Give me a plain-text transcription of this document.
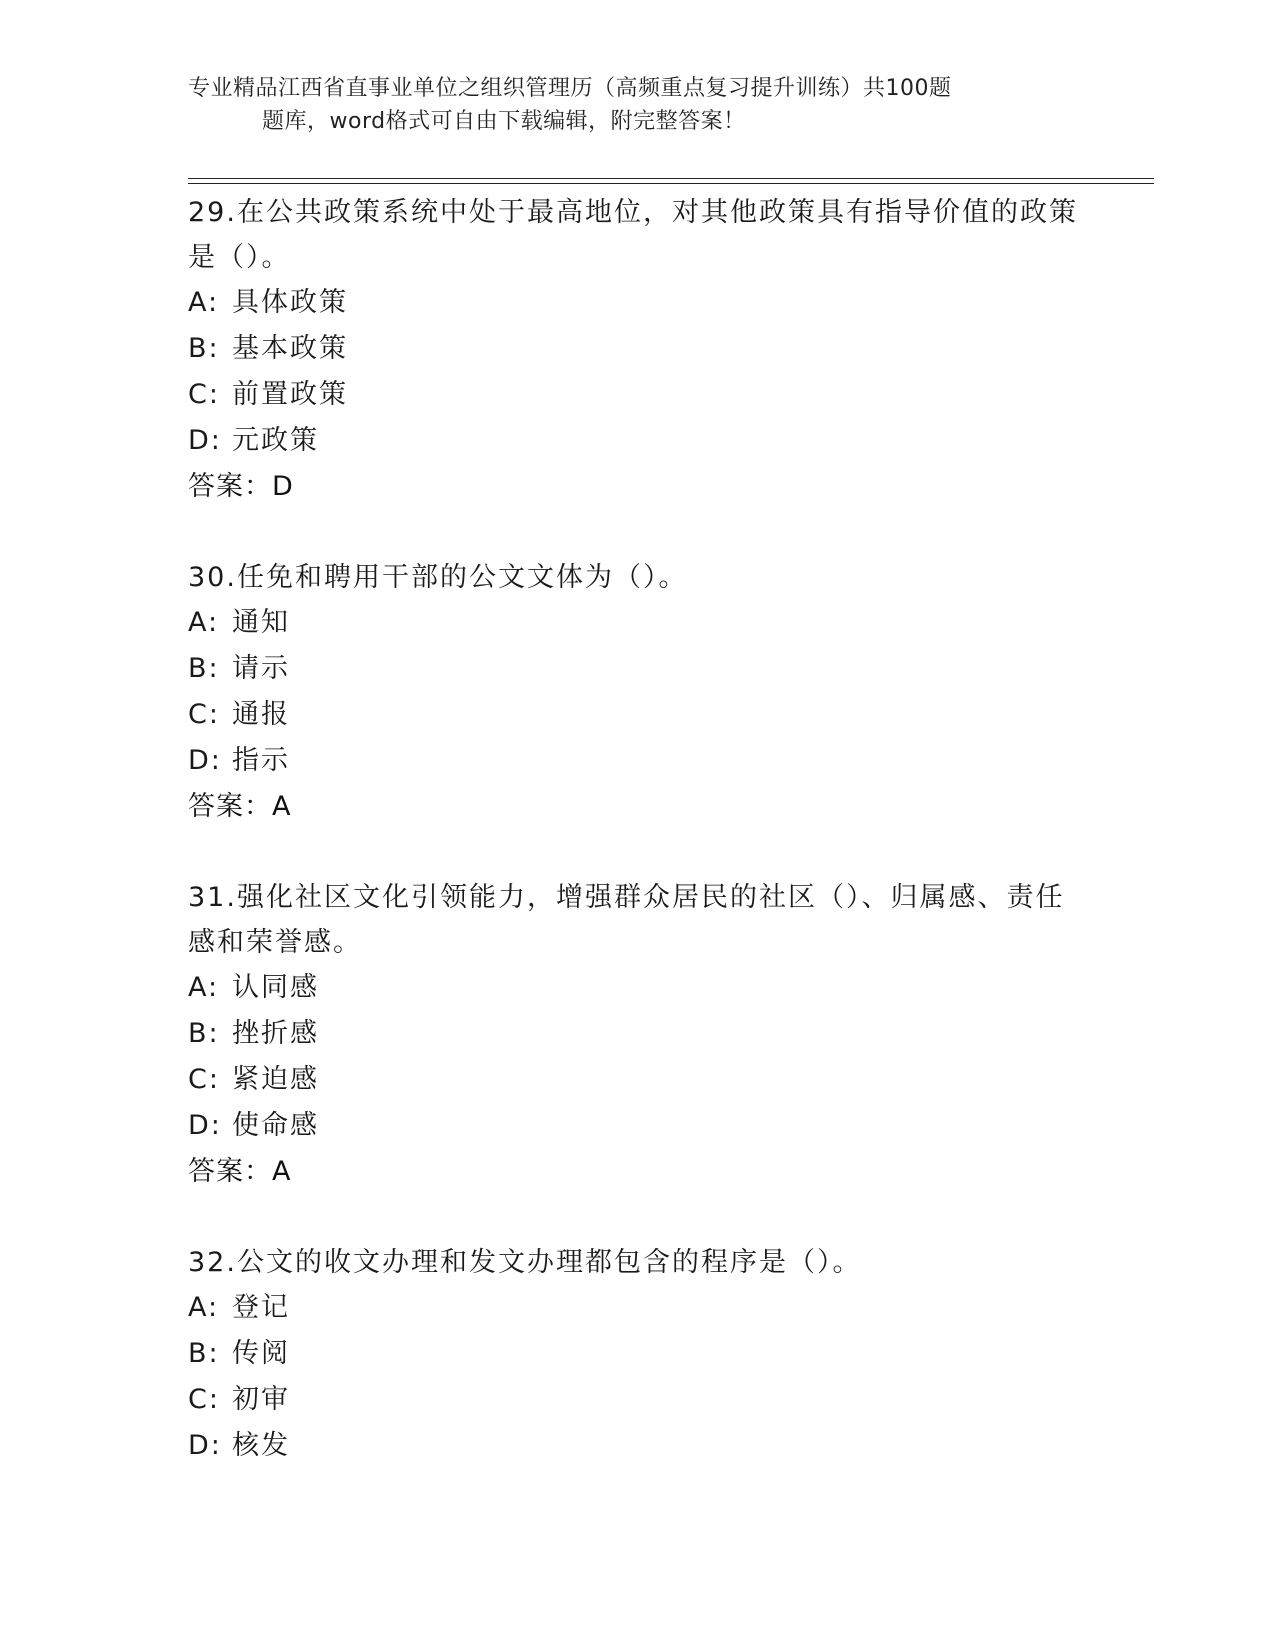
专业精品江西省直事业单位之组织管理历（高频重点复习提升训练）共100题
题库，word格式可自由下载编辑，附完整答案！
29.在公共政策系统中处于最高地位，对其他政策具有指导价值的政策是（）。
A: 具体政策
B: 基本政策
C: 前置政策
D: 元政策
答案：D
30.任免和聘用干部的公文文体为（）。
A: 通知
B: 请示
C: 通报
D: 指示
答案：A
31.强化社区文化引领能力，增强群众居民的社区（）、归属感、责任感和荣誉感。
A: 认同感
B: 挫折感
C: 紧迫感
D: 使命感
答案：A
32.公文的收文办理和发文办理都包含的程序是（）。
A: 登记
B: 传阅
C: 初审
D: 核发
